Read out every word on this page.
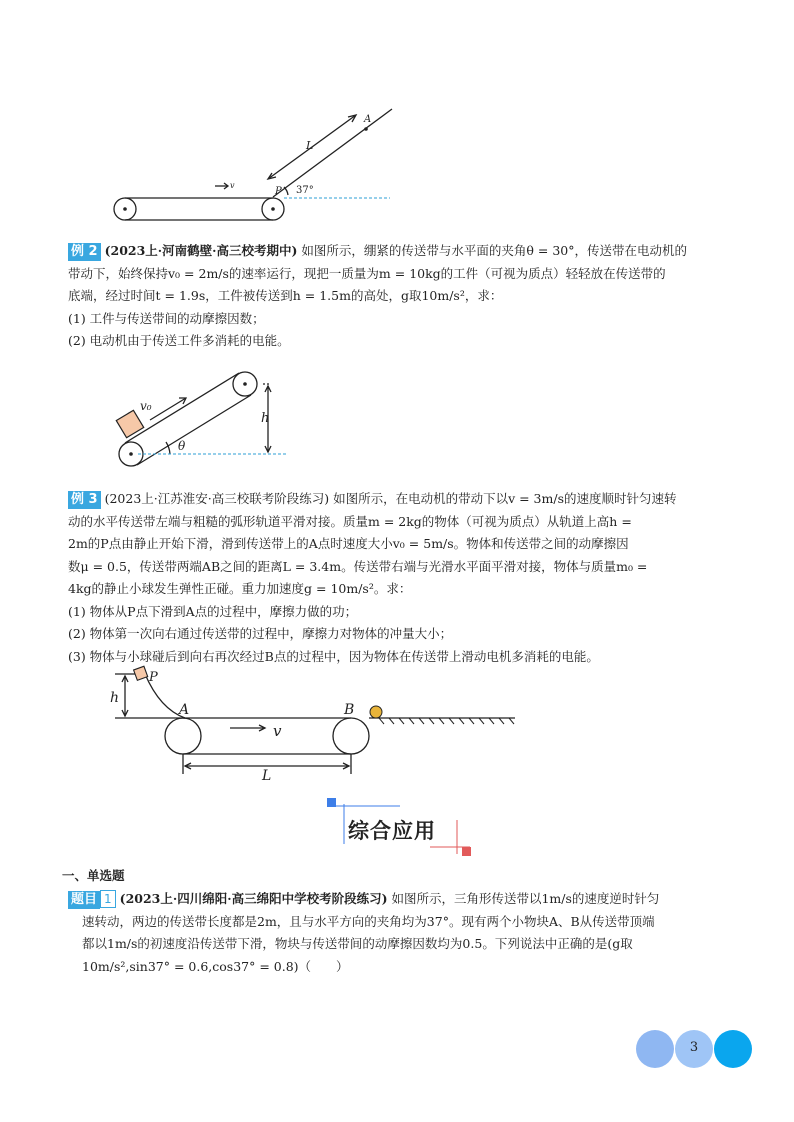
A
L
P 37°
v
例 2 (2023上·河南鹤壁·高三校考期中) 如图所示，绷紧的传送带与水平面的夹角θ = 30°，传送带在电动机的
带动下，始终保持v₀ = 2m/s的速率运行，现把一质量为m = 10kg的工件（可视为质点）轻轻放在传送带的
底端，经过时间t = 1.9s，工件被传送到h = 1.5m的高处，g取10m/s²，求：
(1) 工件与传送带间的动摩擦因数；
(2) 电动机由于传送工件多消耗的电能。
v₀
h
θ
例 3 (2023上·江苏淮安·高三校联考阶段练习) 如图所示，在电动机的带动下以v = 3m/s的速度顺时针匀速转
动的水平传送带左端与粗糙的弧形轨道平滑对接。质量m = 2kg的物体（可视为质点）从轨道上高h =
2m的P点由静止开始下滑，滑到传送带上的A点时速度大小v₀ = 5m/s。物体和传送带之间的动摩擦因
数μ = 0.5，传送带两端AB之间的距离L = 3.4m。传送带右端与光滑水平面平滑对接，物体与质量m₀ =
4kg的静止小球发生弹性正碰。重力加速度g = 10m/s²。求：
(1) 物体从P点下滑到A点的过程中，摩擦力做的功；
(2) 物体第一次向右通过传送带的过程中，摩擦力对物体的冲量大小；
(3) 物体与小球碰后到向右再次经过B点的过程中，因为物体在传送带上滑动电机多消耗的电能。
h
P
A	B
v
L
综合应用
一、单选题
题目 1 (2023上·四川绵阳·高三绵阳中学校考阶段练习) 如图所示，三角形传送带以1m/s的速度逆时针匀
速转动，两边的传送带长度都是2m，且与水平方向的夹角均为37°。现有两个小物块A、B从传送带顶端
都以1m/s的初速度沿传送带下滑，物块与传送带间的动摩擦因数均为0.5。下列说法中正确的是(g取
10m/s²,sin37° = 0.6,cos37° = 0.8)（　　）
3
